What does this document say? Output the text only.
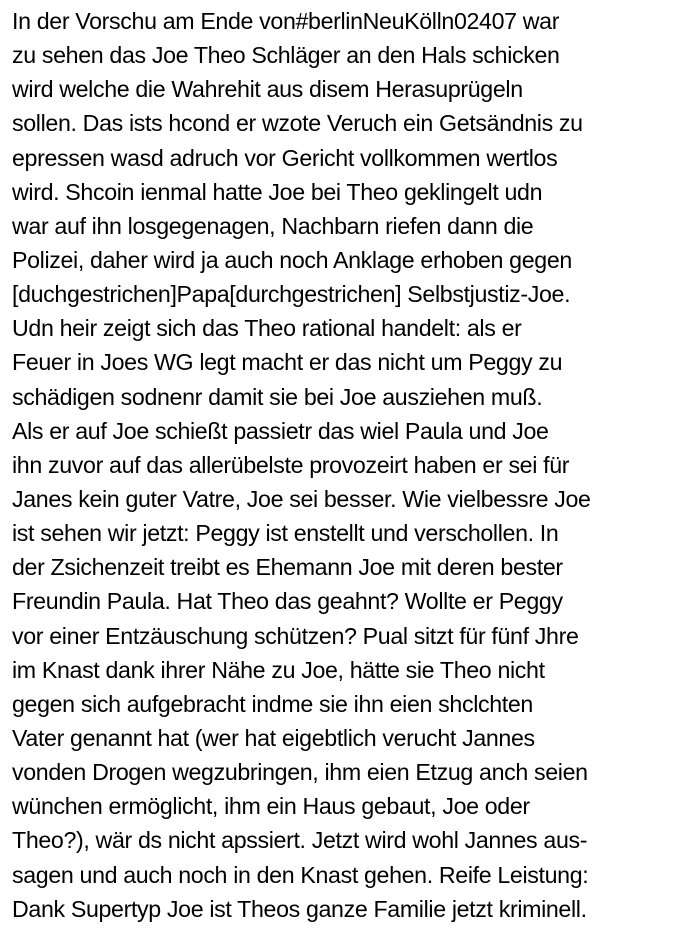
In der Vorschu am Ende von#berlinNeuKölln02407 war
zu sehen das Joe Theo Schläger an den Hals schicken
wird welche die Wahrehit aus disem Herasuprügeln
sollen. Das ists hcond er wzote Veruch ein Getsändnis zu
epressen wasd adruch vor Gericht vollkommen wertlos
wird. Shcoin ienmal hatte Joe bei Theo geklingelt udn
war auf ihn losgegenagen, Nachbarn riefen dann die
Polizei, daher wird ja auch noch Anklage erhoben gegen
[duchgestrichen]Papa[durchgestrichen] Selbstjustiz-Joe.
Udn heir zeigt sich das Theo rational handelt: als er
Feuer in Joes WG legt macht er das nicht um Peggy zu
schädigen sodnenr damit sie bei Joe ausziehen muß.
Als er auf Joe schießt passietr das wiel Paula und Joe
ihn zuvor auf das allerübelste provozeirt haben er sei für
Janes kein guter Vatre, Joe sei besser. Wie vielbessre Joe
ist sehen wir jetzt: Peggy ist enstellt und verschollen. In
der Zsichenzeit treibt es Ehemann Joe mit deren bester
Freundin Paula. Hat Theo das geahnt? Wollte er Peggy
vor einer Entzäuschung schützen? Pual sitzt für fünf Jhre
im Knast dank ihrer Nähe zu Joe, hätte sie Theo nicht
gegen sich aufgebracht indme sie ihn eien shclchten
Vater genannt hat (wer hat eigebtlich verucht Jannes
vonden Drogen wegzubringen, ihm eien Etzug anch seien
wünchen ermöglicht, ihm ein Haus gebaut, Joe oder
Theo?), wär ds nicht apssiert. Jetzt wird wohl Jannes aus-
sagen und auch noch in den Knast gehen. Reife Leistung:
Dank Supertyp Joe ist Theos ganze Familie jetzt kriminell.
